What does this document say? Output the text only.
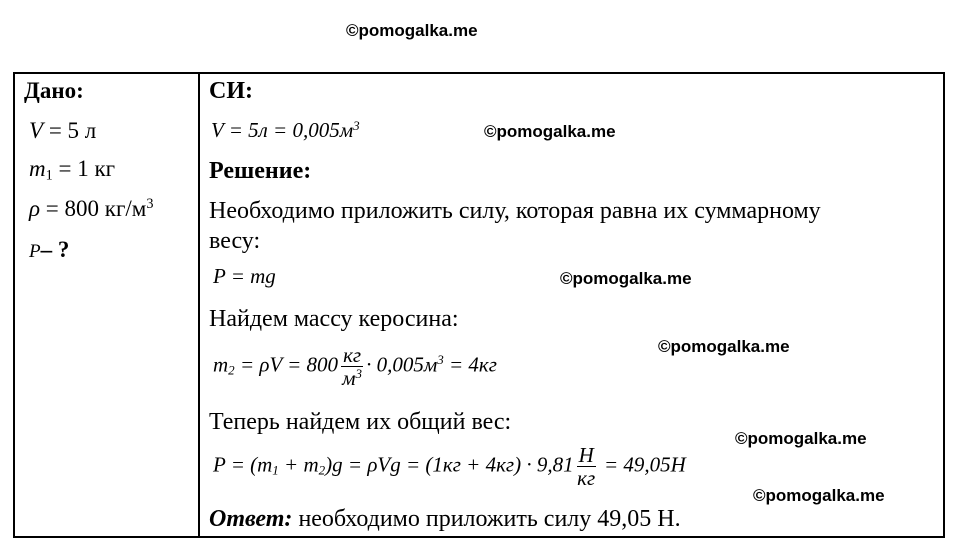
©pomogalka.me
Дано:
V = 5 л
$m_1 = 1$ кг
ρ = 800 $кг/м^3$
P– ?
СИ:
$V = 5л = 0,005м^3$	©pomogalka.me
Решение:
Необходимо приложить силу, которая равна их суммарному
весу:
P = mg	©pomogalka.me
Найдем массу керосина:
©pomogalka.me
$m_2 = \rho V = 800 \frac{кг}{м^3} \cdot 0,005м^3 = 4кг$
Теперь найдем их общий вес:
©pomogalka.me
$P = (m_1 + m_2)g = \rho Vg = (1кг + 4кг) \cdot 9,81 \frac{Н}{кг} = 49,05Н$
©pomogalka.me
Ответ: необходимо приложить силу 49,05 Н.
